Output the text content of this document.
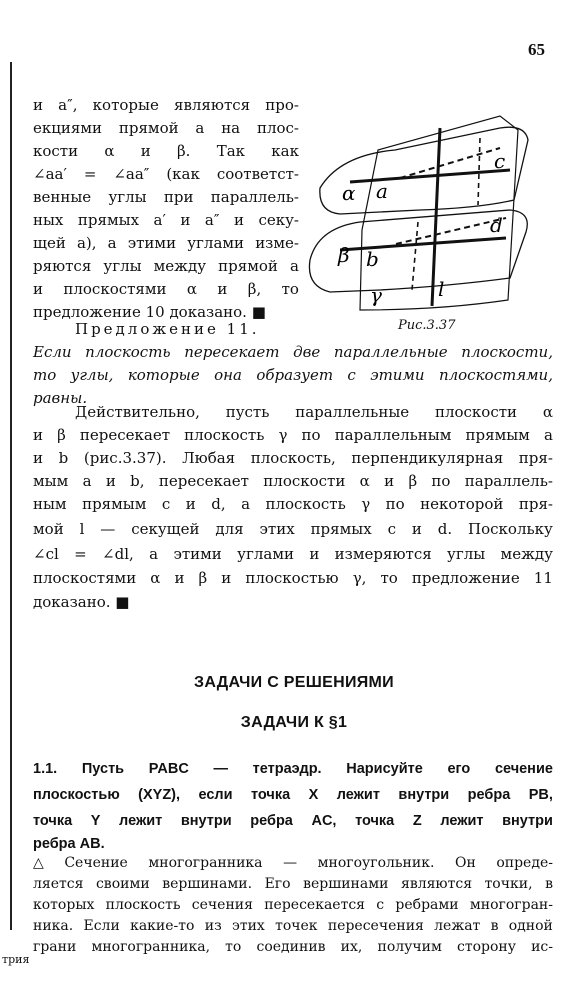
65
и a″, которые являются про-
екциями прямой a на плос-
кости α и β. Так как
∠aa′ = ∠aa″ (как соответст-
венные углы при параллель-
ных прямых a′ и a″ и секу-
щей a), а этими углами изме-
ряются углы между прямой a
и плоскостями α и β, то
предложение 10 доказано. ■
α a
c
β b
d
γ	l
Рис.3.37
Предложение 11.
Если плоскость пересекает две параллельные плоскости,
то углы, которые она образует с этими плоскостями,
равны.
Действительно, пусть параллельные плоскости α
и β пересекает плоскость γ по параллельным прямым a
и b (рис.3.37). Любая плоскость, перпендикулярная пря-
мым a и b, пересекает плоскости α и β по параллель-
ным прямым c и d, а плоскость γ по некоторой пря-
мой l — секущей для этих прямых c и d. Поскольку
∠cl = ∠dl, а этими углами и измеряются углы между
плоскостями α и β и плоскостью γ, то предложение 11
доказано. ■
ЗАДАЧИ С РЕШЕНИЯМИ
ЗАДАЧИ К §1
1.1. Пусть PABC — тетраэдр. Нарисуйте его сечение
плоскостью (XYZ), если точка X лежит внутри ребра PB,
точка Y лежит внутри ребра AC, точка Z лежит внутри
ребра AB.
△ Сечение многогранника — многоугольник. Он опреде-
ляется своими вершинами. Его вершинами являются точки, в
которых плоскость сечения пересекается с ребрами многогран-
ника. Если какие-то из этих точек пересечения лежат в одной
грани многогранника, то соединив их, получим сторону ис-
трия
